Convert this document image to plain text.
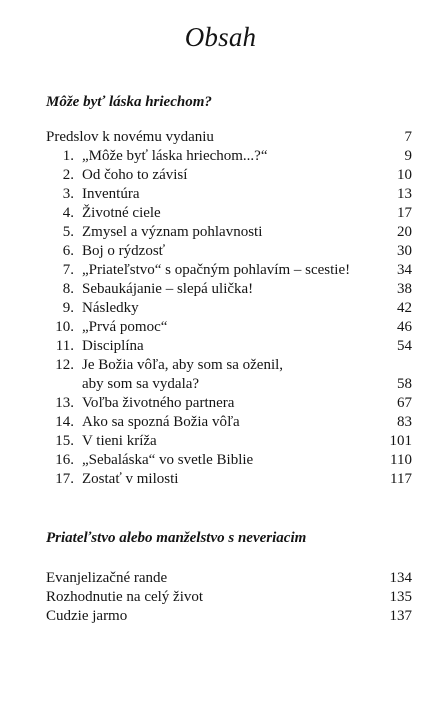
Obsah
Môže byť láska hriechom?
Predslov k novému vydaniu	7
1. „Môže byť láska hriechom...?“	9
2. Od čoho to závisí	10
3. Inventúra	13
4. Životné ciele	17
5. Zmysel a význam pohlavnosti	20
6. Boj o rýdzosť	30
7. „Priateľstvo“ s opačným pohlavím – scestie!	34
8. Sebaukájanie – slepá ulička!	38
9. Následky	42
10. „Prvá pomoc“	46
11. Disciplína	54
12. Je Božia vôľa, aby som sa oženil,
aby som sa vydala?	58
13. Voľba životného partnera	67
14. Ako sa spozná Božia vôľa	83
15. V tieni kríža	101
16. „Sebaláska“ vo svetle Biblie	110
17. Zostať v milosti	117
Priateľstvo alebo manželstvo s neveriacim
Evanjelizačné rande	134
Rozhodnutie na celý život	135
Cudzie jarmo	137
